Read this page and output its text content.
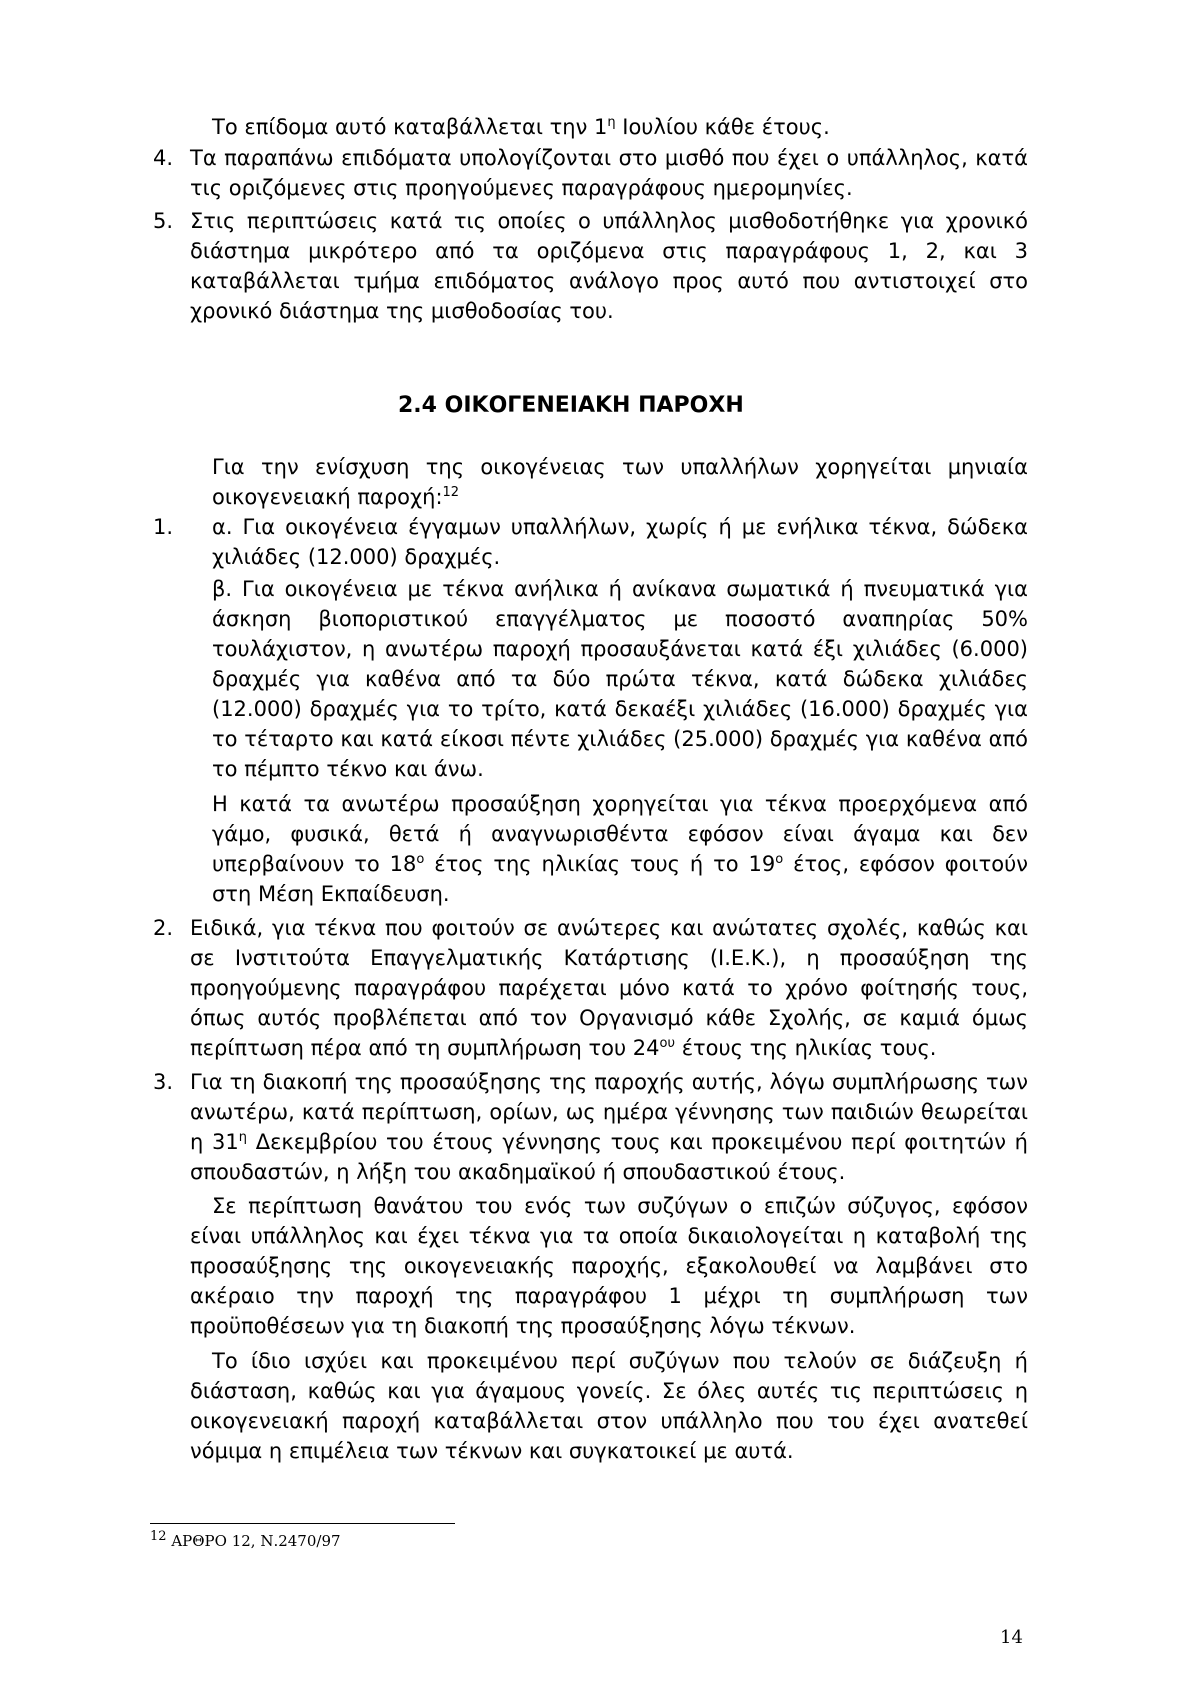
Το επίδομα αυτό καταβάλλεται την $1^\eta$ Ιουλίου κάθε έτους.

4. Τα παραπάνω επιδόματα υπολογίζονται στο μισθό που έχει ο υπάλληλος, κατά τις οριζόμενες στις προηγούμενες παραγράφους ημερομηνίες.

5. Στις περιπτώσεις κατά τις οποίες ο υπάλληλος μισθοδοτήθηκε για χρονικό διάστημα μικρότερο από τα οριζόμενα στις παραγράφους 1, 2, και 3 καταβάλλεται τμήμα επιδόματος ανάλογο προς αυτό που αντιστοιχεί στο χρονικό διάστημα της μισθοδοσίας του.

2.4 ΟΙΚΟΓΕΝΕΙΑΚΗ ΠΑΡΟΧΗ

Για την ενίσχυση της οικογένειας των υπαλλήλων χορηγείται μηνιαία οικογενειακή παροχή:$^{12}$

1. α. Για οικογένεια έγγαμων υπαλλήλων, χωρίς ή με ενήλικα τέκνα, δώδεκα χιλιάδες (12.000) δραχμές.

β. Για οικογένεια με τέκνα ανήλικα ή ανίκανα σωματικά ή πνευματικά για άσκηση βιοποριστικού επαγγέλματος με ποσοστό αναπηρίας 50% τουλάχιστον, η ανωτέρω παροχή προσαυξάνεται κατά έξι χιλιάδες (6.000) δραχμές για καθένα από τα δύο πρώτα τέκνα, κατά δώδεκα χιλιάδες (12.000) δραχμές για το τρίτο, κατά δεκαέξι χιλιάδες (16.000) δραχμές για το τέταρτο και κατά είκοσι πέντε χιλιάδες (25.000) δραχμές για καθένα από το πέμπτο τέκνο και άνω.

Η κατά τα ανωτέρω προσαύξηση χορηγείται για τέκνα προερχόμενα από γάμο, φυσικά, θετά ή αναγνωρισθέντα εφόσον είναι άγαμα και δεν υπερβαίνουν το $18^o$ έτος της ηλικίας τους ή το $19^o$ έτος, εφόσον φοιτούν στη Μέση Εκπαίδευση.

2. Ειδικά, για τέκνα που φοιτούν σε ανώτερες και ανώτατες σχολές, καθώς και σε Ινστιτούτα Επαγγελματικής Κατάρτισης (Ι.Ε.Κ.), η προσαύξηση της προηγούμενης παραγράφου παρέχεται μόνο κατά το χρόνο φοίτησής τους, όπως αυτός προβλέπεται από τον Οργανισμό κάθε Σχολής, σε καμιά όμως περίπτωση πέρα από τη συμπλήρωση του $24^{o\upsilon}$ έτους της ηλικίας τους.

3. Για τη διακοπή της προσαύξησης της παροχής αυτής, λόγω συμπλήρωσης των ανωτέρω, κατά περίπτωση, ορίων, ως ημέρα γέννησης των παιδιών θεωρείται η $31^\eta$ Δεκεμβρίου του έτους γέννησης τους και προκειμένου περί φοιτητών ή σπουδαστών, η λήξη του ακαδημαϊκού ή σπουδαστικού έτους.

Σε περίπτωση θανάτου του ενός των συζύγων ο επιζών σύζυγος, εφόσον είναι υπάλληλος και έχει τέκνα για τα οποία δικαιολογείται η καταβολή της προσαύξησης της οικογενειακής παροχής, εξακολουθεί να λαμβάνει στο ακέραιο την παροχή της παραγράφου 1 μέχρι τη συμπλήρωση των προϋποθέσεων για τη διακοπή της προσαύξησης λόγω τέκνων.

Το ίδιο ισχύει και προκειμένου περί συζύγων που τελούν σε διάζευξη ή διάσταση, καθώς και για άγαμους γονείς. Σε όλες αυτές τις περιπτώσεις η οικογενειακή παροχή καταβάλλεται στον υπάλληλο που του έχει ανατεθεί νόμιμα η επιμέλεια των τέκνων και συγκατοικεί με αυτά.

$^{12}$ ΑΡΘΡΟ 12, Ν.2470/97
14
